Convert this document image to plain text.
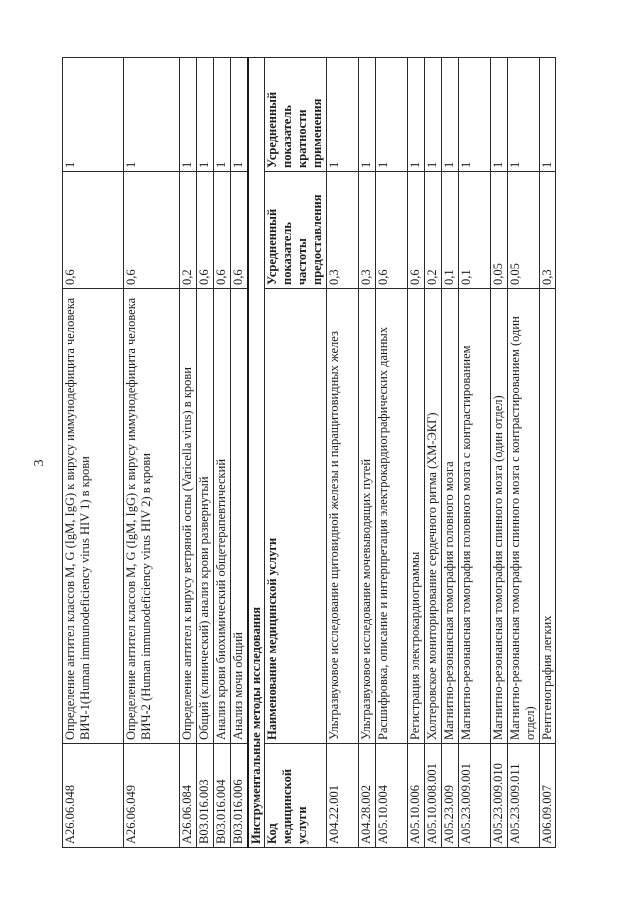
3
A26.06.048	Определение антител классов M, G (IgM, IgG) к вирусу иммунодефицита человека ВИЧ-1(Human immunodeficiency virus HIV 1) в крови	0,6	1
A26.06.049	Определение антител классов M, G (IgM, IgG) к вирусу иммунодефицита человека ВИЧ-2 (Human immunodeficiency virus HIV 2) в крови	0,6	1
A26.06.084	Определение антител к вирусу ветряной оспы (Varicella virus) в крови	0,2	1
B03.016.003	Общий (клинический) анализ крови развернутый	0,6	1
B03.016.004	Анализ крови биохимический общетерапевтический	0,6	1
B03.016.006	Анализ мочи общий	0,6	1
Инструментальные методы исследования			
Код медицинской услуги	Наименование медицинской услуги	Усредненный показатель частоты предоставления	Усредненный показатель кратности применения
A04.22.001	Ультразвуковое исследование щитовидной железы и паращитовидных желез	0,3	1
A04.28.002	Ультразвуковое исследование мочевыводящих путей	0,3	1
A05.10.004	Расшифровка, описание и интерпретация электрокардиографических данных	0,6	1
A05.10.006	Регистрация электрокардиограммы	0,6	1
A05.10.008.001	Холтеровское мониторирование сердечного ритма (ХМ-ЭКГ)	0,2	1
A05.23.009	Магнитно-резонансная томография головного мозга	0,1	1
A05.23.009.001	Магнитно-резонансная томография головного мозга с контрастированием	0,1	1
A05.23.009.010	Магнитно-резонансная томография спинного мозга (один отдел)	0,05	1
A05.23.009.011	Магнитно-резонансная томография спинного мозга с контрастированием (один отдел)	0,05	1
A06.09.007	Рентгенография легких	0,3	1
